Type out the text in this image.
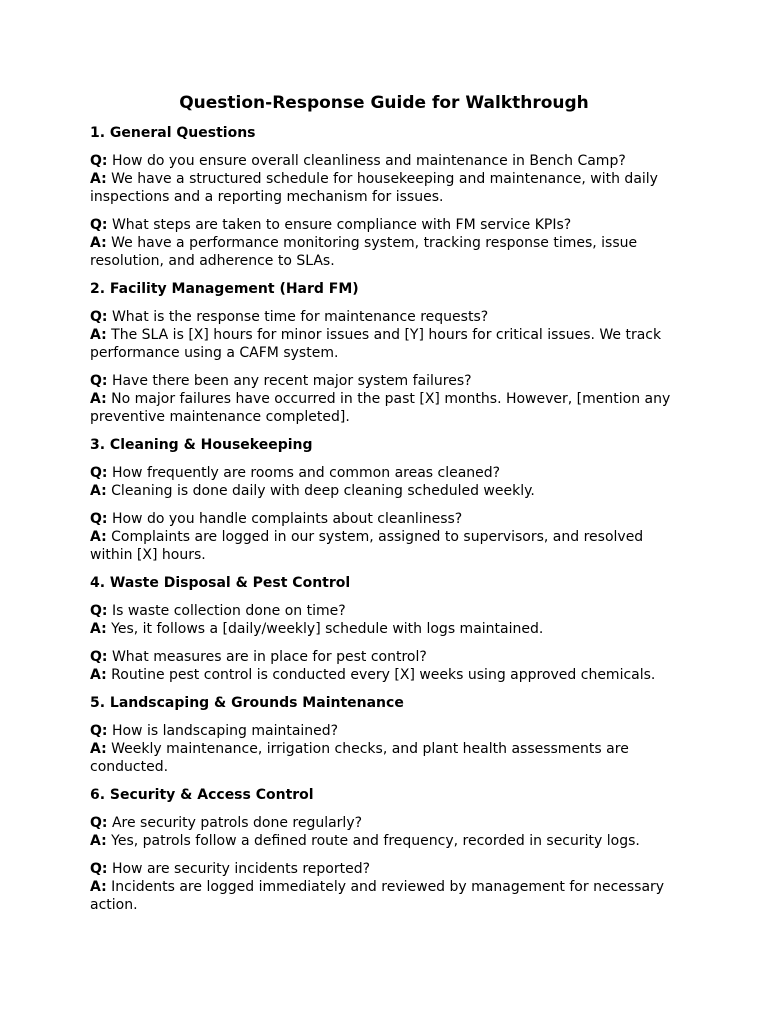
Question-Response Guide for Walkthrough
1. General Questions

Q: How do you ensure overall cleanliness and maintenance in Bench Camp?

A: We have a structured schedule for housekeeping and maintenance, with daily inspections and a reporting mechanism for issues.

Q: What steps are taken to ensure compliance with FM service KPIs?

A: We have a performance monitoring system, tracking response times, issue resolution, and adherence to SLAs.

2. Facility Management (Hard FM)

Q: What is the response time for maintenance requests?

A: The SLA is [X] hours for minor issues and [Y] hours for critical issues. We track performance using a CAFM system.

Q: Have there been any recent major system failures?

A: No major failures have occurred in the past [X] months. However, [mention any preventive maintenance completed].

3. Cleaning & Housekeeping

Q: How frequently are rooms and common areas cleaned?

A: Cleaning is done daily with deep cleaning scheduled weekly.

Q: How do you handle complaints about cleanliness?

A: Complaints are logged in our system, assigned to supervisors, and resolved within [X] hours.

4. Waste Disposal & Pest Control

Q: Is waste collection done on time?

A: Yes, it follows a [daily/weekly] schedule with logs maintained.

Q: What measures are in place for pest control?

A: Routine pest control is conducted every [X] weeks using approved chemicals.

5. Landscaping & Grounds Maintenance

Q: How is landscaping maintained?

A: Weekly maintenance, irrigation checks, and plant health assessments are conducted.

6. Security & Access Control

Q: Are security patrols done regularly?

A: Yes, patrols follow a defined route and frequency, recorded in security logs.

Q: How are security incidents reported?

A: Incidents are logged immediately and reviewed by management for necessary action.
